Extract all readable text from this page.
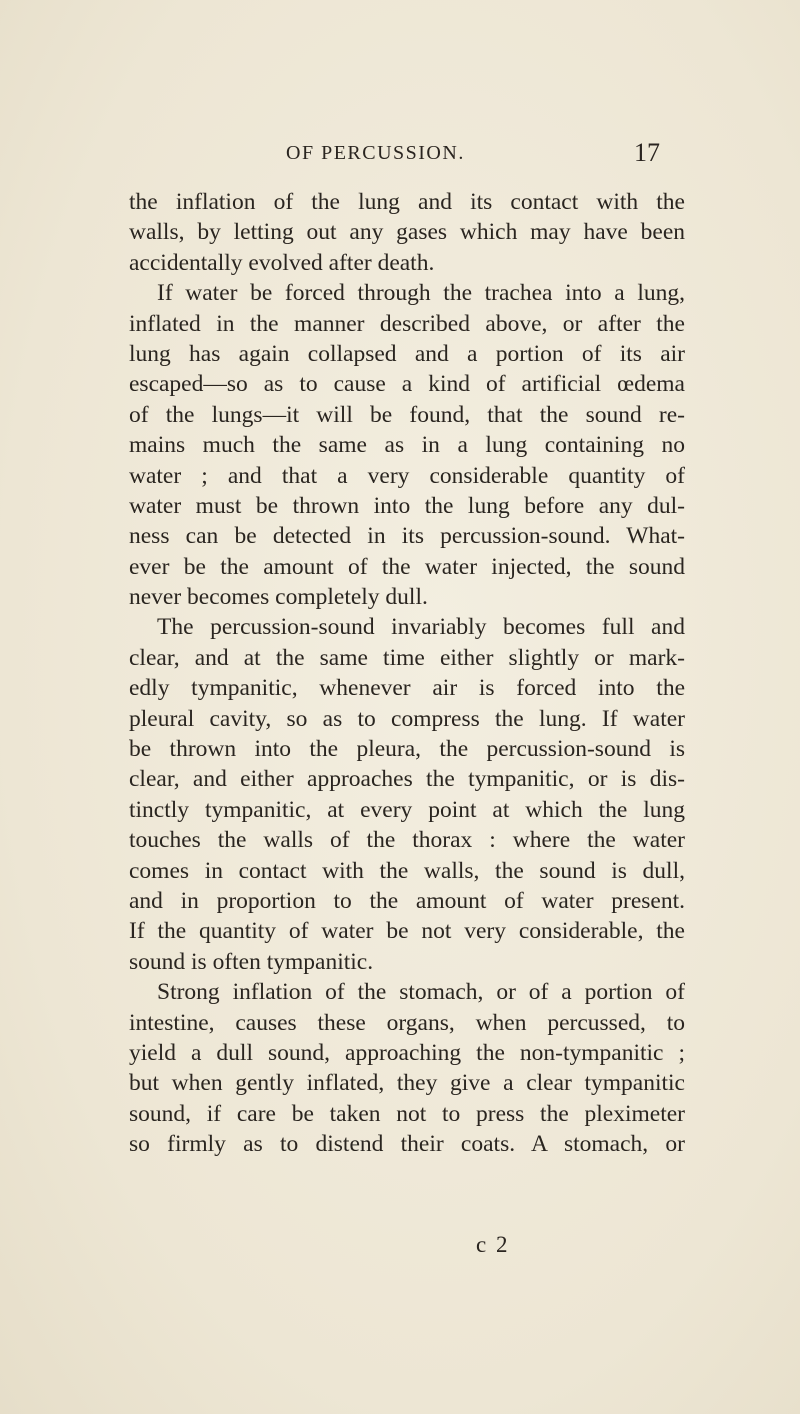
OF PERCUSSION.	17
the inflation of the lung and its contact with the
walls, by letting out any gases which may have been
accidentally evolved after death.
If water be forced through the trachea into a lung,
inflated in the manner described above, or after the
lung has again collapsed and a portion of its air
escaped—so as to cause a kind of artificial œdema
of the lungs—it will be found, that the sound re-
mains much the same as in a lung containing no
water ; and that a very considerable quantity of
water must be thrown into the lung before any dul-
ness can be detected in its percussion-sound. What-
ever be the amount of the water injected, the sound
never becomes completely dull.
The percussion-sound invariably becomes full and
clear, and at the same time either slightly or mark-
edly tympanitic, whenever air is forced into the
pleural cavity, so as to compress the lung. If water
be thrown into the pleura, the percussion-sound is
clear, and either approaches the tympanitic, or is dis-
tinctly tympanitic, at every point at which the lung
touches the walls of the thorax : where the water
comes in contact with the walls, the sound is dull,
and in proportion to the amount of water present.
If the quantity of water be not very considerable, the
sound is often tympanitic.
Strong inflation of the stomach, or of a portion of
intestine, causes these organs, when percussed, to
yield a dull sound, approaching the non-tympanitic ;
but when gently inflated, they give a clear tympanitic
sound, if care be taken not to press the pleximeter
so firmly as to distend their coats. A stomach, or
c 2
